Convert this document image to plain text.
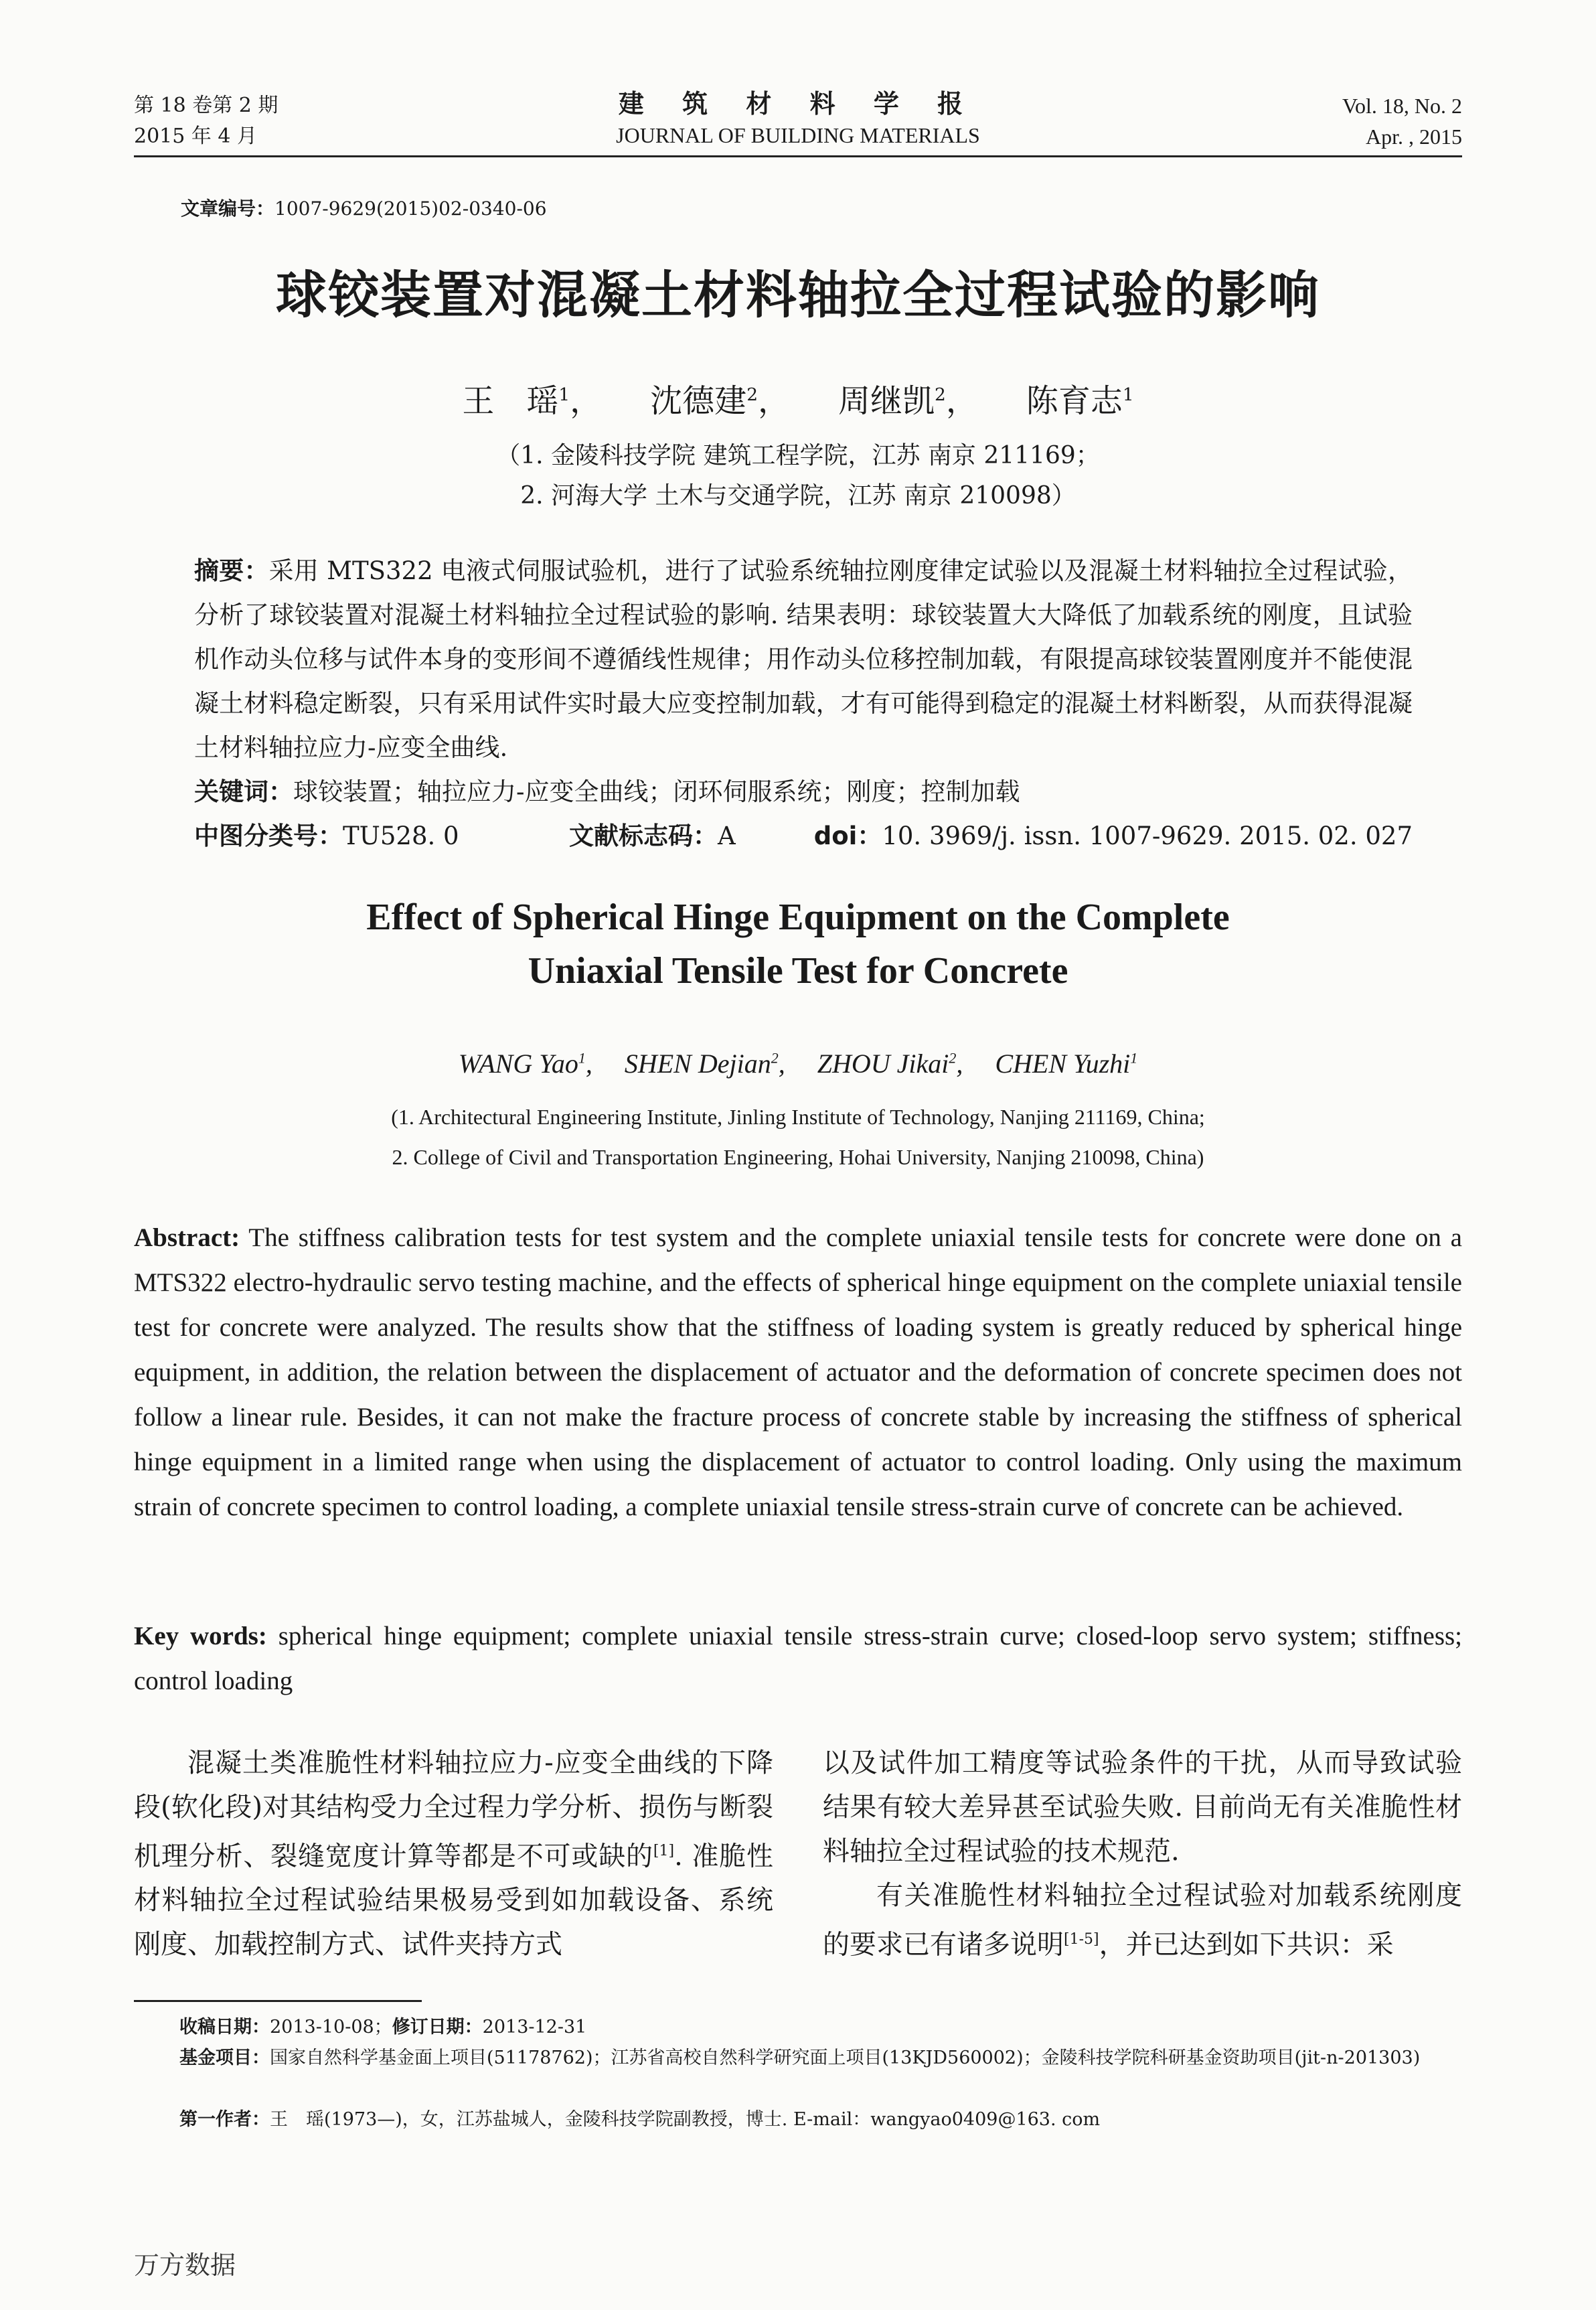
第 18 卷第 2 期
2015 年 4 月
建 筑 材 料 学 报
JOURNAL OF BUILDING MATERIALS
Vol. 18, No. 2
Apr. , 2015
文章编号：1007-9629(2015)02-0340-06
球铰装置对混凝土材料轴拉全过程试验的影响
王　瑶$^1$， 沈德建$^2$， 周继凯$^2$， 陈育志$^1$
（1. 金陵科技学院 建筑工程学院，江苏 南京 211169；
2. 河海大学 土木与交通学院，江苏 南京 210098）
摘要：采用 MTS322 电液式伺服试验机，进行了试验系统轴拉刚度律定试验以及混凝土材料轴拉全过程试验，分析了球铰装置对混凝土材料轴拉全过程试验的影响. 结果表明：球铰装置大大降低了加载系统的刚度，且试验机作动头位移与试件本身的变形间不遵循线性规律；用作动头位移控制加载，有限提高球铰装置刚度并不能使混凝土材料稳定断裂，只有采用试件实时最大应变控制加载，才有可能得到稳定的混凝土材料断裂，从而获得混凝土材料轴拉应力-应变全曲线.
关键词：球铰装置；轴拉应力-应变全曲线；闭环伺服系统；刚度；控制加载
中图分类号：TU528. 0	文献标志码：A	doi：10. 3969/j. issn. 1007-9629. 2015. 02. 027
Effect of Spherical Hinge Equipment on the Complete
Uniaxial Tensile Test for Concrete
WANG Yao$^1$, SHEN Dejian$^2$, ZHOU Jikai$^2$, CHEN Yuzhi$^1$
(1. Architectural Engineering Institute, Jinling Institute of Technology, Nanjing 211169, China;
2. College of Civil and Transportation Engineering, Hohai University, Nanjing 210098, China)
Abstract: The stiffness calibration tests for test system and the complete uniaxial tensile tests for concrete were done on a MTS322 electro-hydraulic servo testing machine, and the effects of spherical hinge equipment on the complete uniaxial tensile test for concrete were analyzed. The results show that the stiffness of loading system is greatly reduced by spherical hinge equipment, in addition, the relation between the displacement of actuator and the deformation of concrete specimen does not follow a linear rule. Besides, it can not make the fracture process of concrete stable by increasing the stiffness of spherical hinge equipment in a limited range when using the displacement of actuator to control loading. Only using the maximum strain of concrete specimen to control loading, a complete uniaxial tensile stress-strain curve of concrete can be achieved.
Key words: spherical hinge equipment; complete uniaxial tensile stress-strain curve; closed-loop servo system; stiffness; control loading

混凝土类准脆性材料轴拉应力-应变全曲线的下降段(软化段)对其结构受力全过程力学分析、损伤与断裂机理分析、裂缝宽度计算等都是不可或缺的[1]. 准脆性材料轴拉全过程试验结果极易受到如加载设备、系统刚度、加载控制方式、试件夹持方式

以及试件加工精度等试验条件的干扰，从而导致试验结果有较大差异甚至试验失败. 目前尚无有关准脆性材料轴拉全过程试验的技术规范.

有关准脆性材料轴拉全过程试验对加载系统刚度的要求已有诸多说明[1-5]，并已达到如下共识：采

收稿日期：2013-10-08；修订日期：2013-12-31
基金项目：国家自然科学基金面上项目(51178762)；江苏省高校自然科学研究面上项目(13KJD560002)；金陵科技学院科研基金资助项目(jit-n-201303)
第一作者：王　瑶(1973—)，女，江苏盐城人，金陵科技学院副教授，博士. E-mail：wangyao0409@163. com
万方数据
